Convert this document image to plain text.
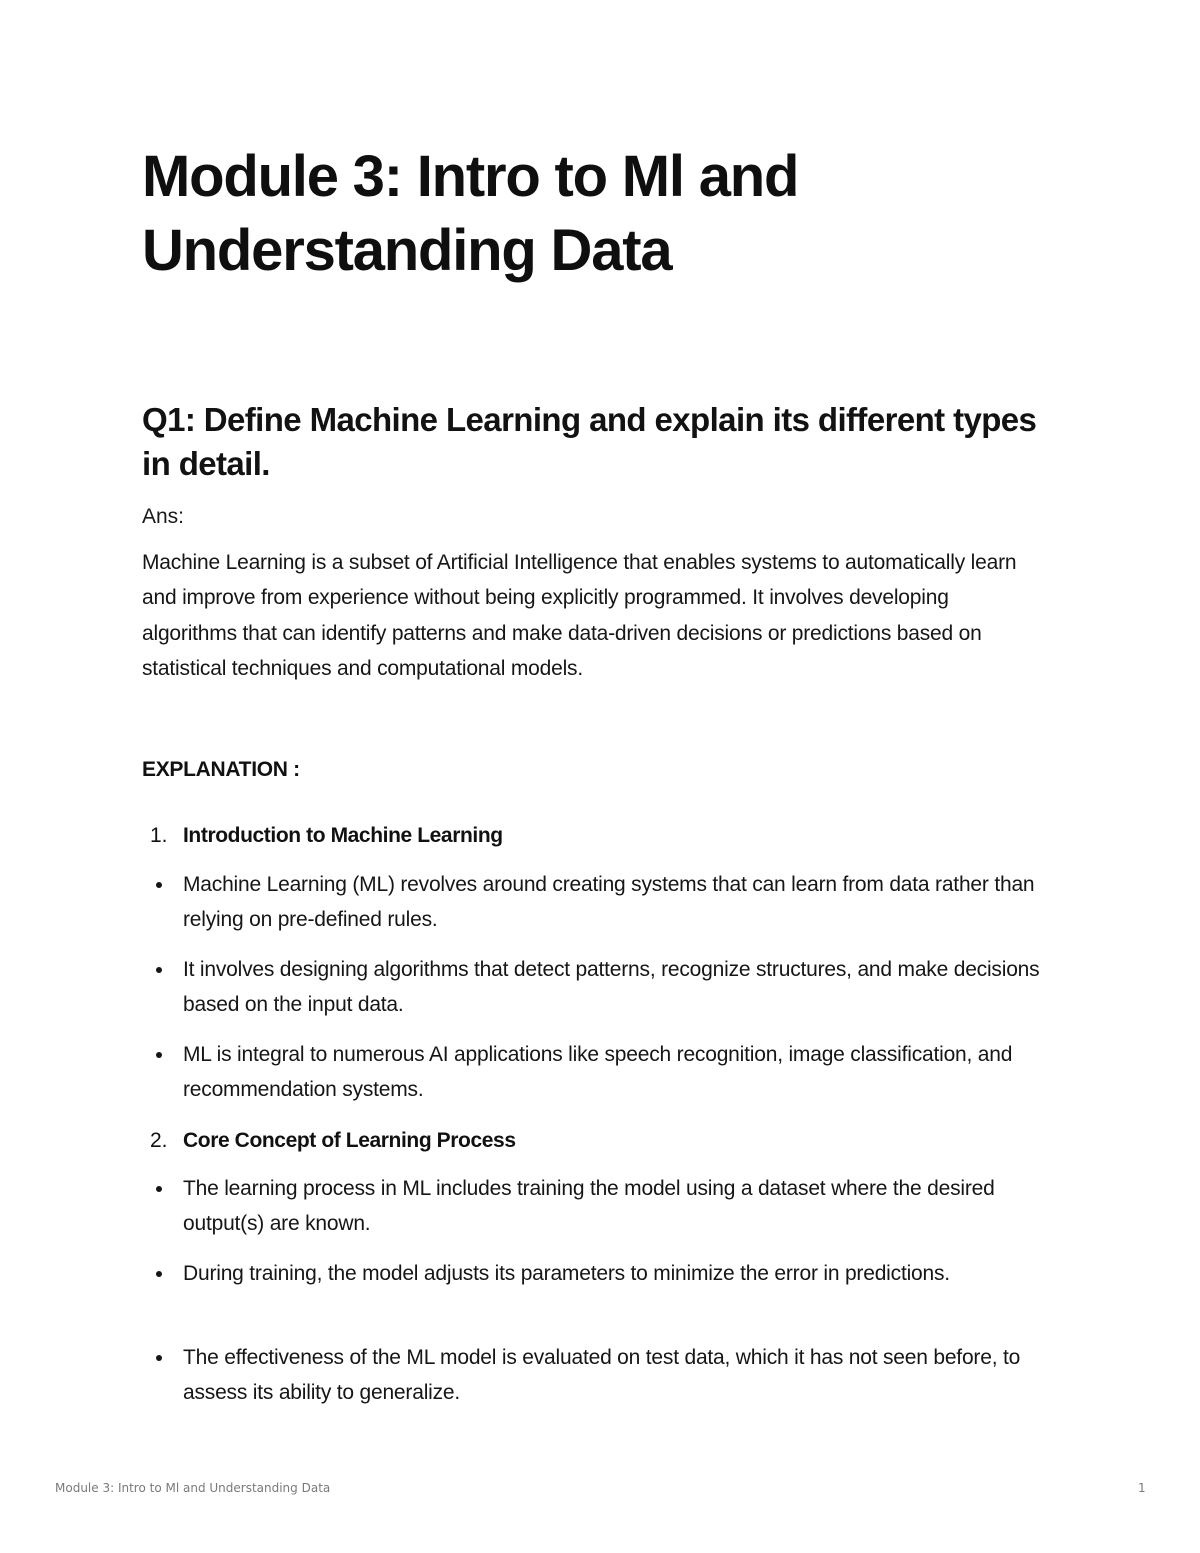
Module 3: Intro to Ml and Understanding Data
Q1: Define Machine Learning and explain its different types in detail.
Ans:

Machine Learning is a subset of Artificial Intelligence that enables systems to automatically learn and improve from experience without being explicitly programmed. It involves developing algorithms that can identify patterns and make data-driven decisions or predictions based on statistical techniques and computational models.

EXPLANATION :
1. Introduction to Machine Learning
Machine Learning (ML) revolves around creating systems that can learn from data rather than relying on pre-defined rules.
It involves designing algorithms that detect patterns, recognize structures, and make decisions based on the input data.
ML is integral to numerous AI applications like speech recognition, image classification, and recommendation systems.
2. Core Concept of Learning Process
The learning process in ML includes training the model using a dataset where the desired output(s) are known.
During training, the model adjusts its parameters to minimize the error in predictions.
The effectiveness of the ML model is evaluated on test data, which it has not seen before, to assess its ability to generalize.
Module 3: Intro to Ml and Understanding Data	1
